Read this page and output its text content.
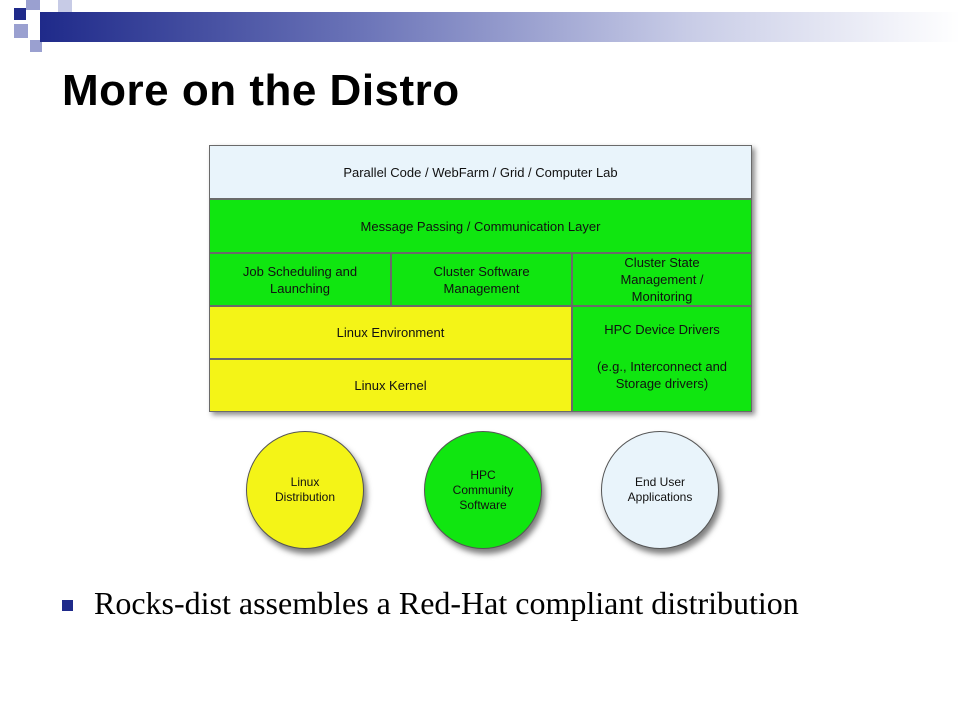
More on the Distro
Parallel Code / WebFarm / Grid / Computer Lab
Message Passing / Communication Layer
Job Scheduling and Launching
Cluster Software Management
Cluster State Management / Monitoring
Linux Environment
Linux Kernel
HPC Device Drivers
(e.g., Interconnect and Storage drivers)
Linux Distribution
HPC Community Software
End User Applications
Rocks-dist assembles a Red-Hat compliant distribution
